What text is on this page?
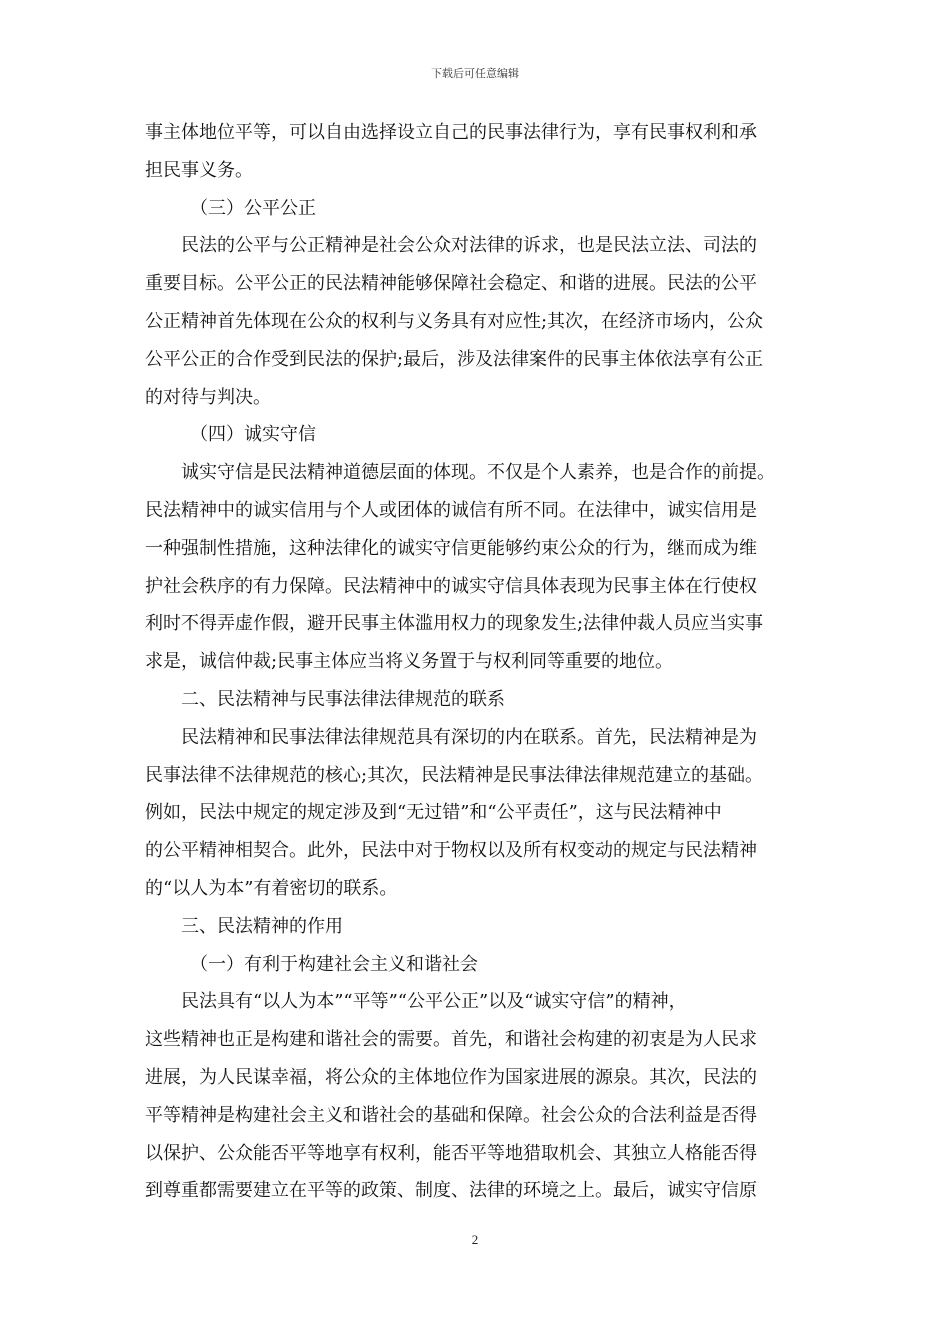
下载后可任意编辑
事主体地位平等，可以自由选择设立自己的民事法律行为，享有民事权利和承
担民事义务。
（三）公平公正
民法的公平与公正精神是社会公众对法律的诉求，也是民法立法、司法的
重要目标。公平公正的民法精神能够保障社会稳定、和谐的进展。民法的公平
公正精神首先体现在公众的权利与义务具有对应性;其次，在经济市场内，公众
公平公正的合作受到民法的保护;最后，涉及法律案件的民事主体依法享有公正
的对待与判决。
（四）诚实守信
诚实守信是民法精神道德层面的体现。不仅是个人素养，也是合作的前提。
民法精神中的诚实信用与个人或团体的诚信有所不同。在法律中，诚实信用是
一种强制性措施，这种法律化的诚实守信更能够约束公众的行为，继而成为维
护社会秩序的有力保障。民法精神中的诚实守信具体表现为民事主体在行使权
利时不得弄虚作假，避开民事主体滥用权力的现象发生;法律仲裁人员应当实事
求是，诚信仲裁;民事主体应当将义务置于与权利同等重要的地位。
二、民法精神与民事法律法律规范的联系
民法精神和民事法律法律规范具有深切的内在联系。首先，民法精神是为
民事法律不法律规范的核心;其次，民法精神是民事法律法律规范建立的基础。
例如，民法中规定的规定涉及到“无过错”和“公平责任”，这与民法精神中
的公平精神相契合。此外，民法中对于物权以及所有权变动的规定与民法精神
的“以人为本”有着密切的联系。
三、民法精神的作用
（一）有利于构建社会主义和谐社会
民法具有“以人为本”“平等”“公平公正”以及“诚实守信”的精神，
这些精神也正是构建和谐社会的需要。首先，和谐社会构建的初衷是为人民求
进展，为人民谋幸福，将公众的主体地位作为国家进展的源泉。其次，民法的
平等精神是构建社会主义和谐社会的基础和保障。社会公众的合法利益是否得
以保护、公众能否平等地享有权利，能否平等地猎取机会、其独立人格能否得
到尊重都需要建立在平等的政策、制度、法律的环境之上。最后，诚实守信原
2
